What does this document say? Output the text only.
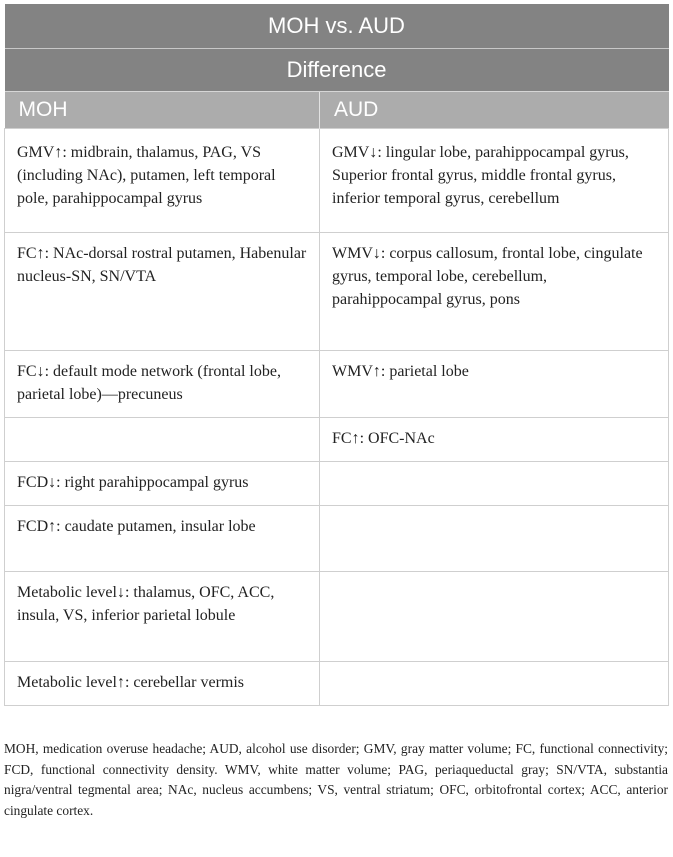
MOH vs. AUD	
Difference	
MOH	AUD
GMV↑: midbrain, thalamus, PAG, VS (including NAc), putamen, left temporal pole, parahippocampal gyrus	GMV↓: lingular lobe, parahippocampal gyrus, Superior frontal gyrus, middle frontal gyrus, inferior temporal gyrus, cerebellum
FC↑: NAc-dorsal rostral putamen, Habenular nucleus-SN, SN/VTA	WMV↓: corpus callosum, frontal lobe, cingulate gyrus, temporal lobe, cerebellum, parahippocampal gyrus, pons
FC↓: default mode network (frontal lobe, parietal lobe)—precuneus	WMV↑: parietal lobe
	FC↑: OFC-NAc
FCD↓: right parahippocampal gyrus	
FCD↑: caudate putamen, insular lobe	
Metabolic level↓: thalamus, OFC, ACC, insula, VS, inferior parietal lobule	
Metabolic level↑: cerebellar vermis	
MOH, medication overuse headache; AUD, alcohol use disorder; GMV, gray matter volume; FC, functional connectivity; FCD, functional connectivity density. WMV, white matter volume; PAG, periaqueductal gray; SN/VTA, substantia nigra/ventral tegmental area; NAc, nucleus accumbens; VS, ventral striatum; OFC, orbitofrontal cortex; ACC, anterior cingulate cortex.
